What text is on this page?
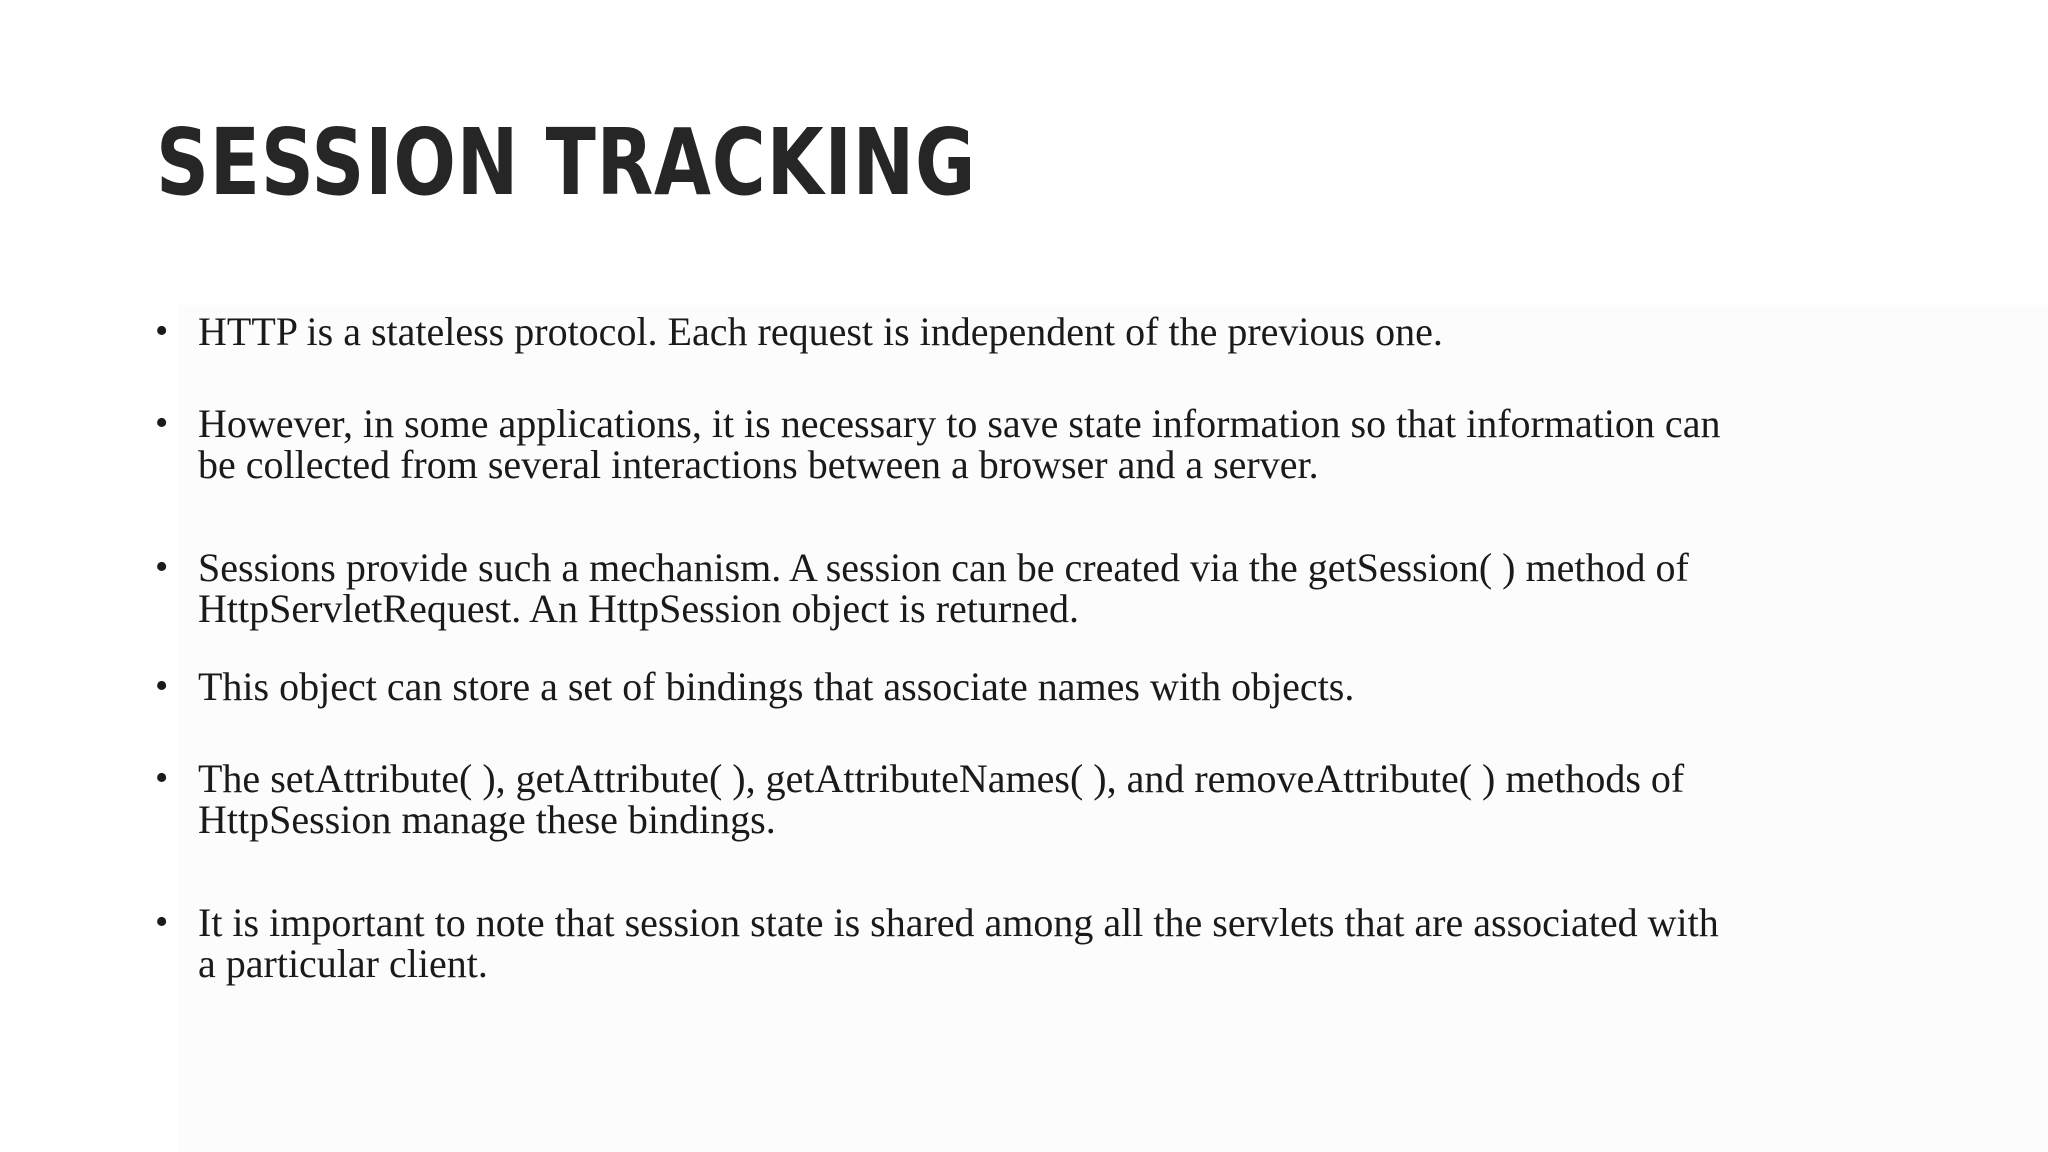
SESSION TRACKING
• HTTP is a stateless protocol. Each request is independent of the previous one.
• However, in some applications, it is necessary to save state information so that information can
be collected from several interactions between a browser and a server.
• Sessions provide such a mechanism. A session can be created via the getSession( ) method of
HttpServletRequest. An HttpSession object is returned.
• This object can store a set of bindings that associate names with objects.
• The setAttribute( ), getAttribute( ), getAttributeNames( ), and removeAttribute( ) methods of
HttpSession manage these bindings.
• It is important to note that session state is shared among all the servlets that are associated with
a particular client.
